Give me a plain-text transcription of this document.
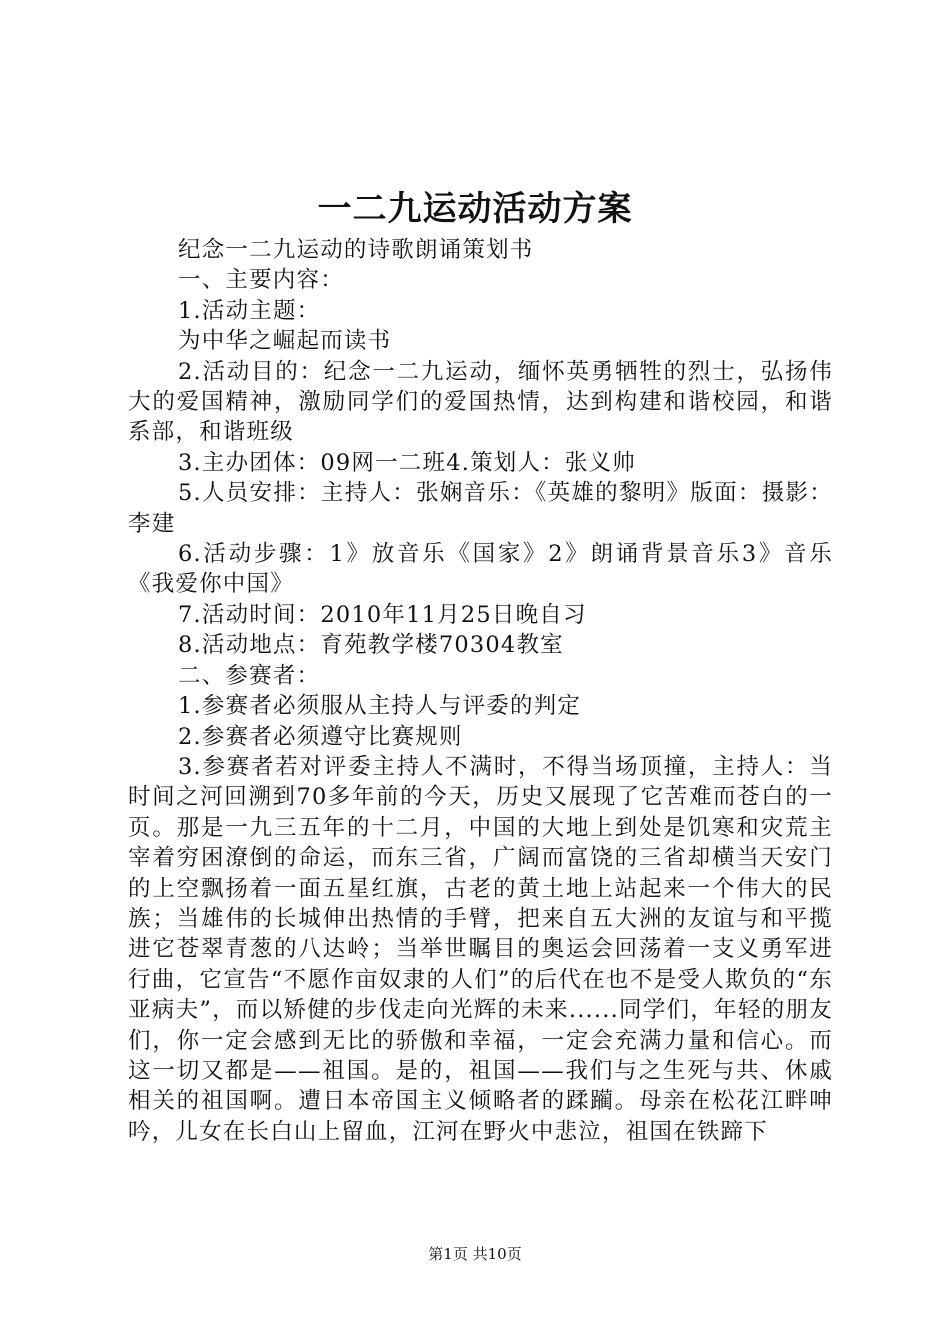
一二九运动活动方案

纪念一二九运动的诗歌朗诵策划书

一、主要内容：

1.活动主题：

为中华之崛起而读书

2.活动目的：纪念一二九运动，缅怀英勇牺牲的烈士，弘扬伟大的爱国精神，激励同学们的爱国热情，达到构建和谐校园，和谐系部，和谐班级

3.主办团体：09网一二班4.策划人：张义帅

5.人员安排：主持人：张娴音乐：《英雄的黎明》版面：摄影：李建

6.活动步骤：1》放音乐《国家》2》朗诵背景音乐3》音乐《我爱你中国》

7.活动时间：2010年11月25日晚自习

8.活动地点：育苑教学楼70304教室

二、参赛者：

1.参赛者必须服从主持人与评委的判定

2.参赛者必须遵守比赛规则

3.参赛者若对评委主持人不满时，不得当场顶撞，主持人：当时间之河回溯到70多年前的今天，历史又展现了它苦难而苍白的一页。那是一九三五年的十二月，中国的大地上到处是饥寒和灾荒主宰着穷困潦倒的命运，而东三省，广阔而富饶的三省却横当天安门的上空飘扬着一面五星红旗，古老的黄土地上站起来一个伟大的民族；当雄伟的长城伸出热情的手臂，把来自五大洲的友谊与和平揽进它苍翠青葱的八达岭；当举世瞩目的奥运会回荡着一支义勇军进行曲，它宣告“不愿作亩奴隶的人们”的后代在也不是受人欺负的“东亚病夫”，而以矫健的步伐走向光辉的未来......同学们，年轻的朋友们，你一定会感到无比的骄傲和幸福，一定会充满力量和信心。而这一切又都是——祖国。是的，祖国——我们与之生死与共、休戚相关的祖国啊。遭日本帝国主义倾略者的蹂躏。母亲在松花江畔呻吟，儿女在长白山上留血，江河在野火中悲泣，祖国在铁蹄下

第1页 共10页
